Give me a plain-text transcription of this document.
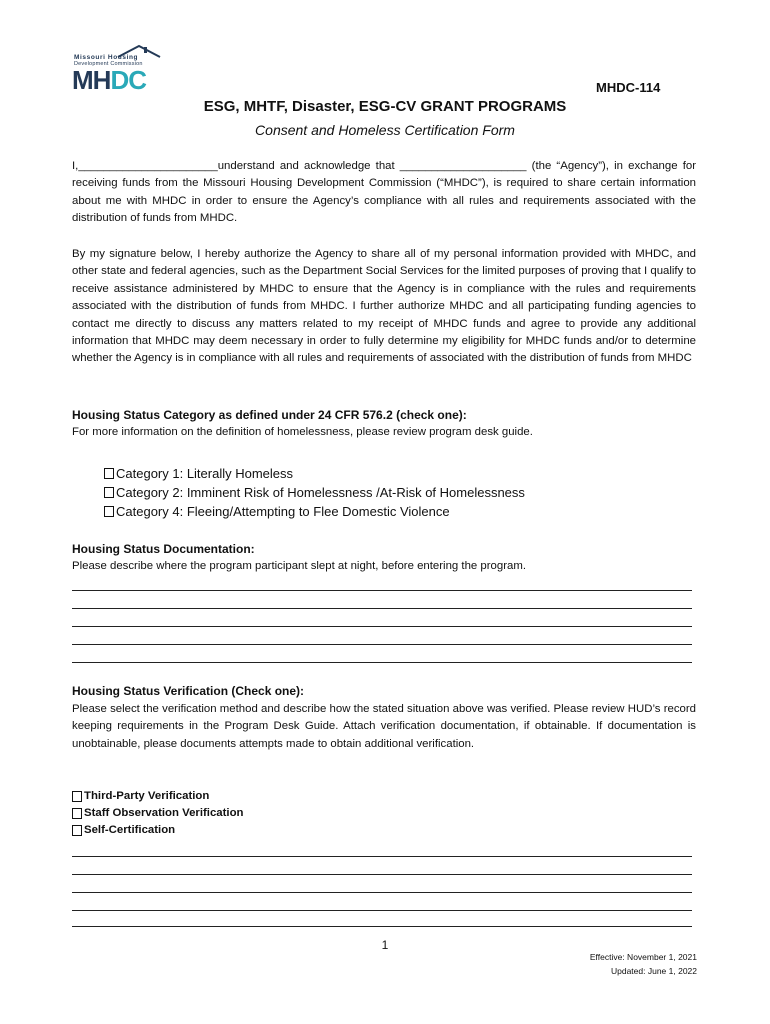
Missouri Housing
Development Commission
MHDC	MHDC-114
ESG, MHTF, Disaster, ESG-CV GRANT PROGRAMS
Consent and Homeless Certification Form
I,______________________understand and acknowledge that ____________________ (the “Agency”), in exchange for receiving funds from the Missouri Housing Development Commission (“MHDC”), is required to share certain information about me with MHDC in order to ensure the Agency’s compliance with all rules and requirements associated with the distribution of funds from MHDC.
By my signature below, I hereby authorize the Agency to share all of my personal information provided with MHDC, and other state and federal agencies, such as the Department Social Services for the limited purposes of proving that I qualify to receive assistance administered by MHDC to ensure that the Agency is in compliance with the rules and requirements associated with the distribution of funds from MHDC. I further authorize MHDC and all participating funding agencies to contact me directly to discuss any matters related to my receipt of MHDC funds and agree to provide any additional information that MHDC may deem necessary in order to fully determine my eligibility for MHDC funds and/or to determine whether the Agency is in compliance with all rules and requirements of associated with the distribution of funds from MHDC
Housing Status Category as defined under 24 CFR 576.2 (check one):
For more information on the definition of homelessness, please review program desk guide.
Category 1: Literally Homeless
Category 2: Imminent Risk of Homelessness /At-Risk of Homelessness
Category 4: Fleeing/Attempting to Flee Domestic Violence
Housing Status Documentation:
Please describe where the program participant slept at night, before entering the program.
Housing Status Verification (Check one):
Please select the verification method and describe how the stated situation above was verified. Please review HUD’s record keeping requirements in the Program Desk Guide. Attach verification documentation, if obtainable. If documentation is unobtainable, please documents attempts made to obtain additional verification.
Third-Party Verification
Staff Observation Verification
Self-Certification
1
Effective: November 1, 2021
Updated: June 1, 2022
